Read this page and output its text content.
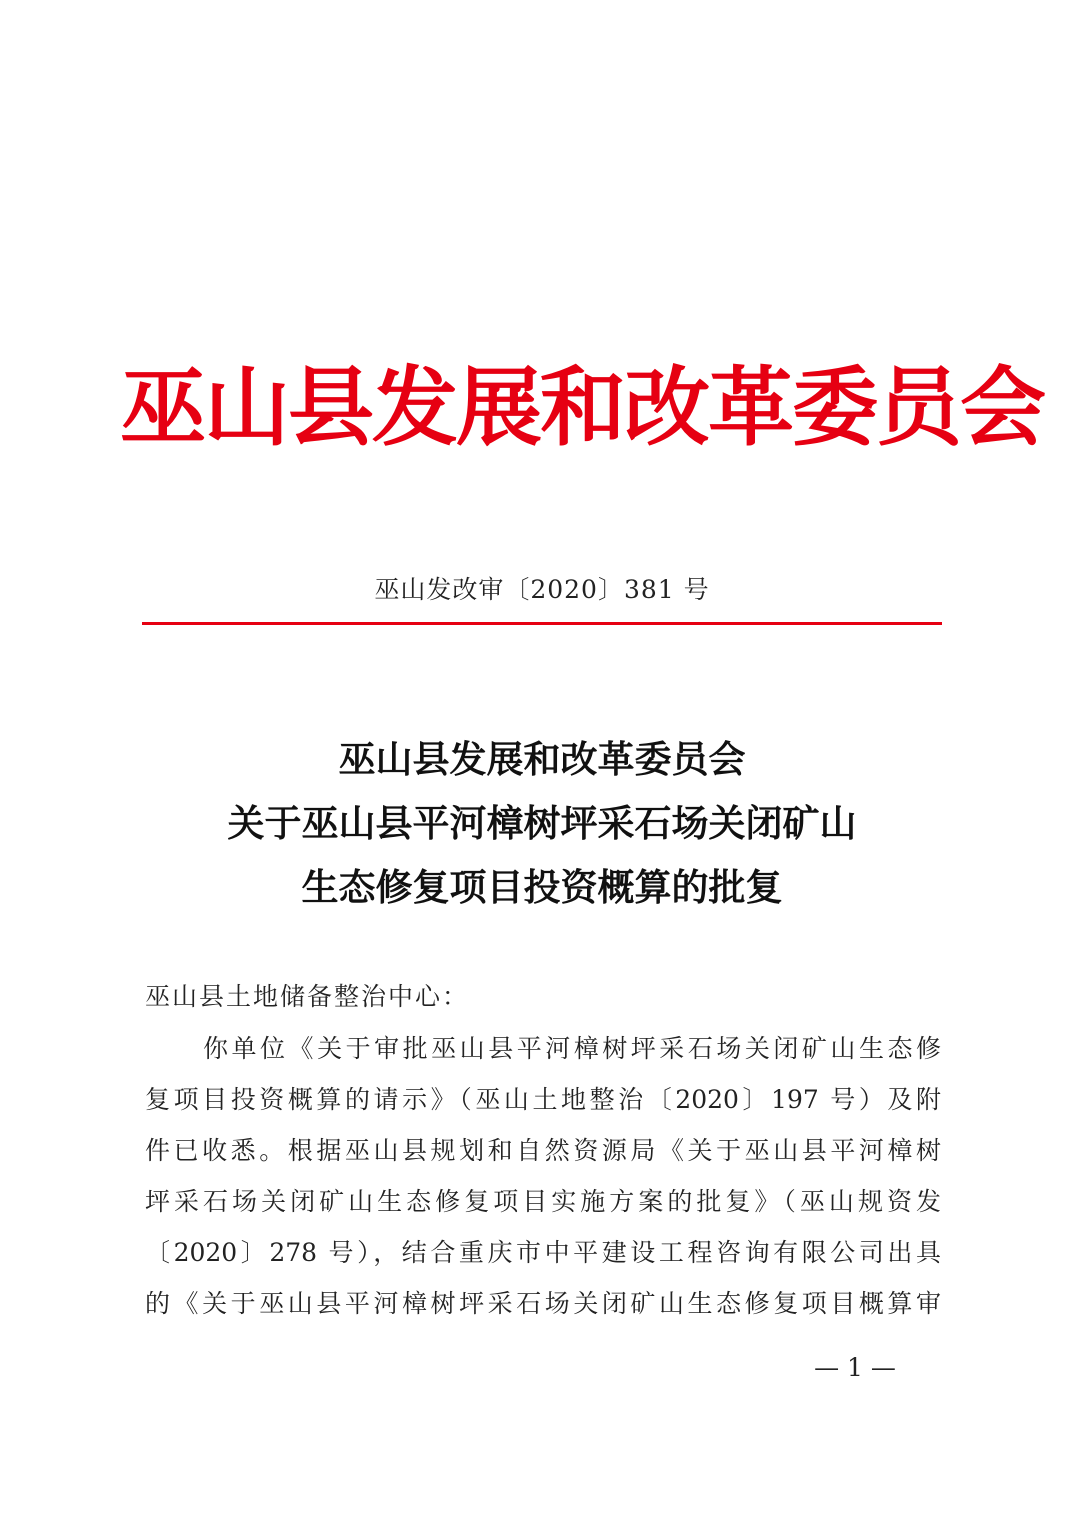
巫山县发展和改革委员会
巫山发改审〔2020〕381 号
巫山县发展和改革委员会
关于巫山县平河樟树坪采石场关闭矿山
生态修复项目投资概算的批复
巫山县土地储备整治中心：
你单位《关于审批巫山县平河樟树坪采石场关闭矿山生态修
复项目投资概算的请示》（巫山土地整治〔2020〕197 号）及附
件已收悉。根据巫山县规划和自然资源局《关于巫山县平河樟树
坪采石场关闭矿山生态修复项目实施方案的批复》（巫山规资发
〔2020〕278 号），结合重庆市中平建设工程咨询有限公司出具
的《关于巫山县平河樟树坪采石场关闭矿山生态修复项目概算审
— 1 —
